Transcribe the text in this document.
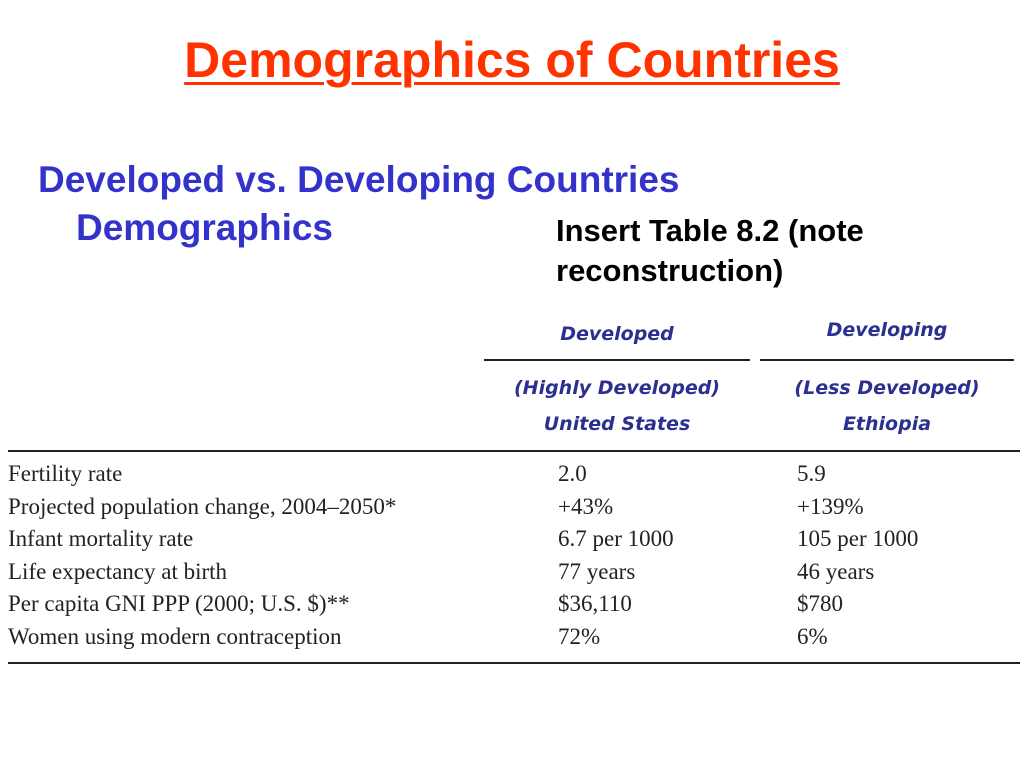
Demographics of Countries

Developed vs. Developing Countries
Demographics	Insert Table 8.2 (note
reconstruction)

Developed
(Highly Developed)
United States
Developing
(Less Developed)
Ethiopia
Fertility rate	2.0	5.9
Projected population change, 2004–2050*	+43%	+139%
Infant mortality rate	6.7 per 1000	105 per 1000
Life expectancy at birth	77 years	46 years
Per capita GNI PPP (2000; U.S. $)**	$36,110	$780
Women using modern contraception	72%	6%
